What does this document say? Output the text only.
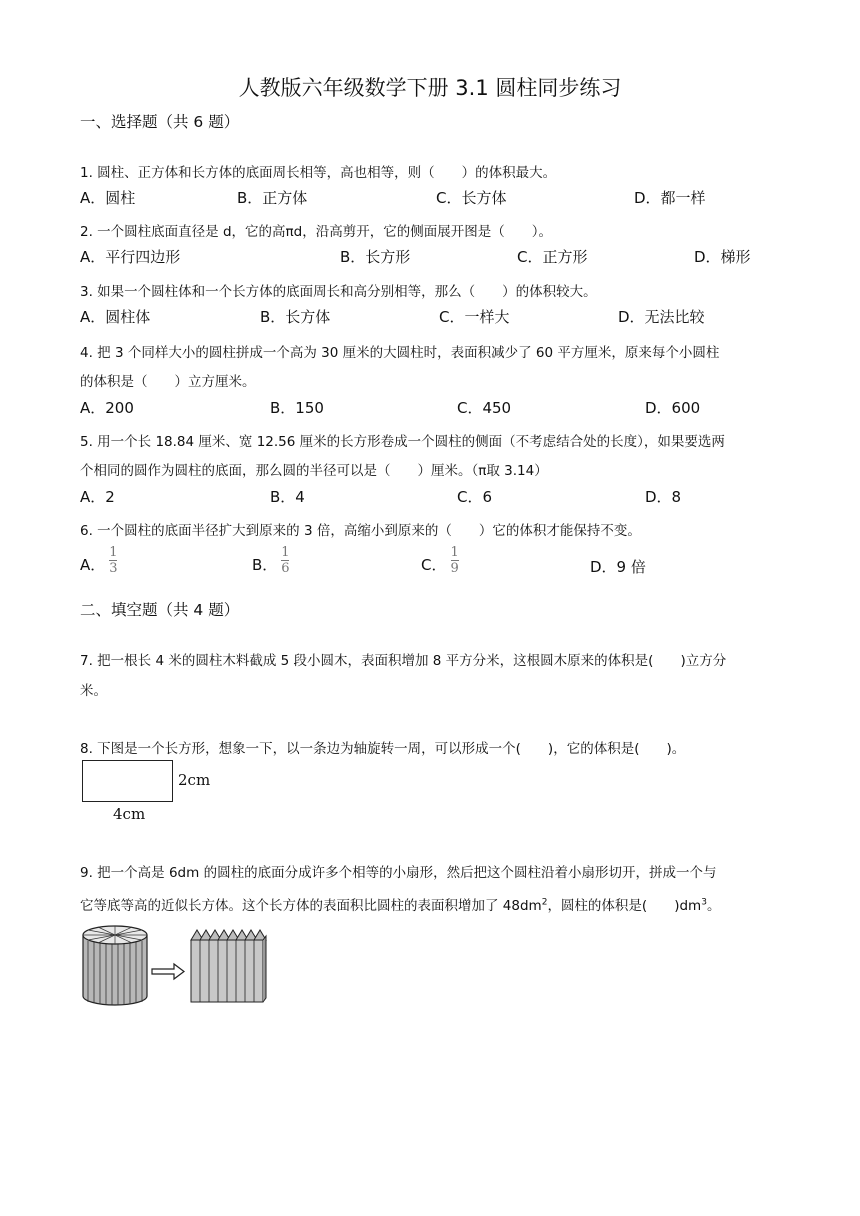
人教版六年级数学下册 3.1 圆柱同步练习
一、选择题（共 6 题）
1. 圆柱、正方体和长方体的底面周长相等，高也相等，则（　　）的体积最大。
A．圆柱	B．正方体	C．长方体	D．都一样
2. 一个圆柱底面直径是 d，它的高πd，沿高剪开，它的侧面展开图是（　　）。
A．平行四边形	B．长方形	C．正方形	D．梯形
3. 如果一个圆柱体和一个长方体的底面周长和高分别相等，那么（　　）的体积较大。
A．圆柱体	B．长方体	C．一样大	D．无法比较
4. 把 3 个同样大小的圆柱拼成一个高为 30 厘米的大圆柱时，表面积减少了 60 平方厘米，原来每个小圆柱
的体积是（　　）立方厘米。
A．200	B．150	C．450	D．600
5. 用一个长 18.84 厘米、宽 12.56 厘米的长方形卷成一个圆柱的侧面（不考虑结合处的长度），如果要选两
个相同的圆作为圆柱的底面，那么圆的半径可以是（　　）厘米。（π取 3.14）
A．2	B．4	C．6	D．8
6. 一个圆柱的底面半径扩大到原来的 3 倍，高缩小到原来的（　　）它的体积才能保持不变。
A． $\frac{1}{3}$	B． $\frac{1}{6}$	C． $\frac{1}{9}$	D．9 倍
二、填空题（共 4 题）
7. 把一根长 4 米的圆柱木料截成 5 段小圆木，表面积增加 8 平方分米，这根圆木原来的体积是(　　)立方分
米。
8. 下图是一个长方形，想象一下，以一条边为轴旋转一周，可以形成一个(　　)，它的体积是(　　)。
2cm
4cm
9. 把一个高是 6dm 的圆柱的底面分成许多个相等的小扇形，然后把这个圆柱沿着小扇形切开，拼成一个与
它等底等高的近似长方体。这个长方体的表面积比圆柱的表面积增加了 $48dm^2$，圆柱的体积是(　　)$dm^3$。
